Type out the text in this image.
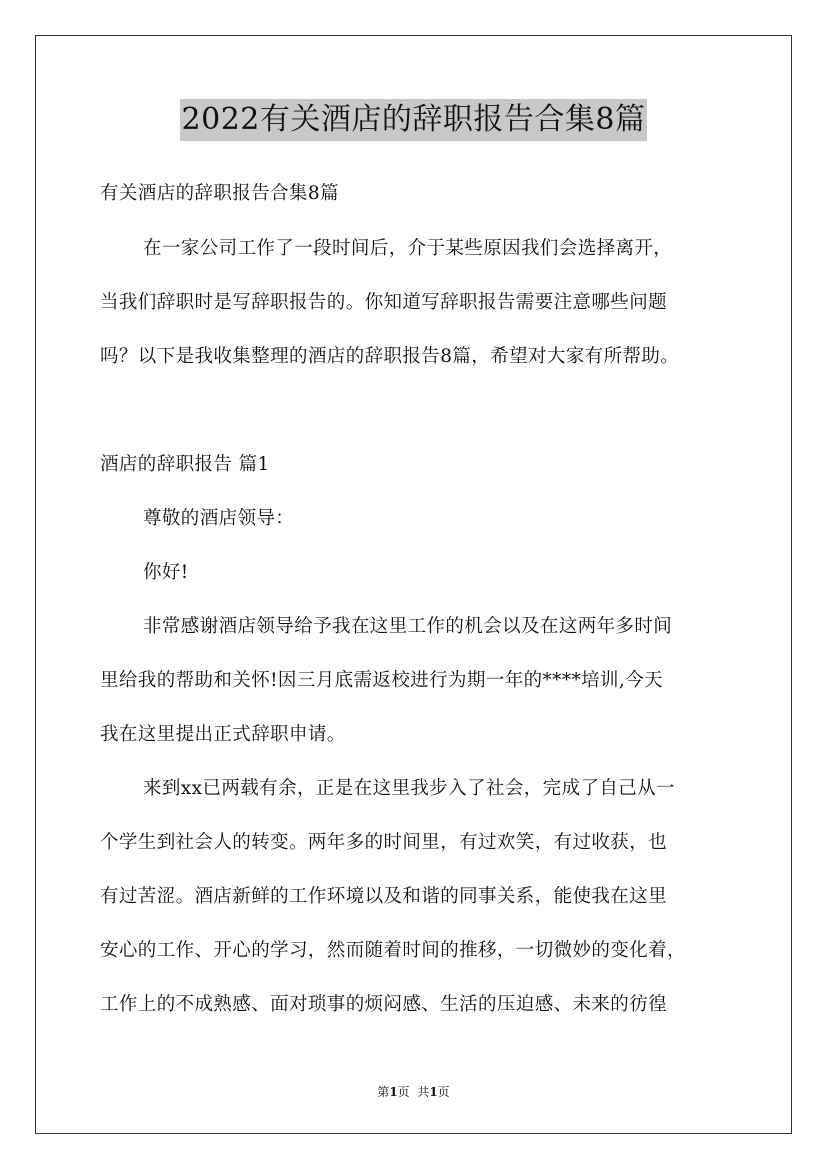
2022有关酒店的辞职报告合集8篇
有关酒店的辞职报告合集8篇
在一家公司工作了一段时间后，介于某些原因我们会选择离开，
当我们辞职时是写辞职报告的。你知道写辞职报告需要注意哪些问题
吗？以下是我收集整理的酒店的辞职报告8篇，希望对大家有所帮助。
酒店的辞职报告 篇1
尊敬的酒店领导：
你好!
非常感谢酒店领导给予我在这里工作的机会以及在这两年多时间
里给我的帮助和关怀!因三月底需返校进行为期一年的****培训,今天
我在这里提出正式辞职申请。
来到xx已两载有余，正是在这里我步入了社会，完成了自己从一
个学生到社会人的转变。两年多的时间里，有过欢笑，有过收获，也
有过苦涩。酒店新鲜的工作环境以及和谐的同事关系，能使我在这里
安心的工作、开心的学习，然而随着时间的推移，一切微妙的变化着，
工作上的不成熟感、面对琐事的烦闷感、生活的压迫感、未来的彷徨
第1页  共1页
